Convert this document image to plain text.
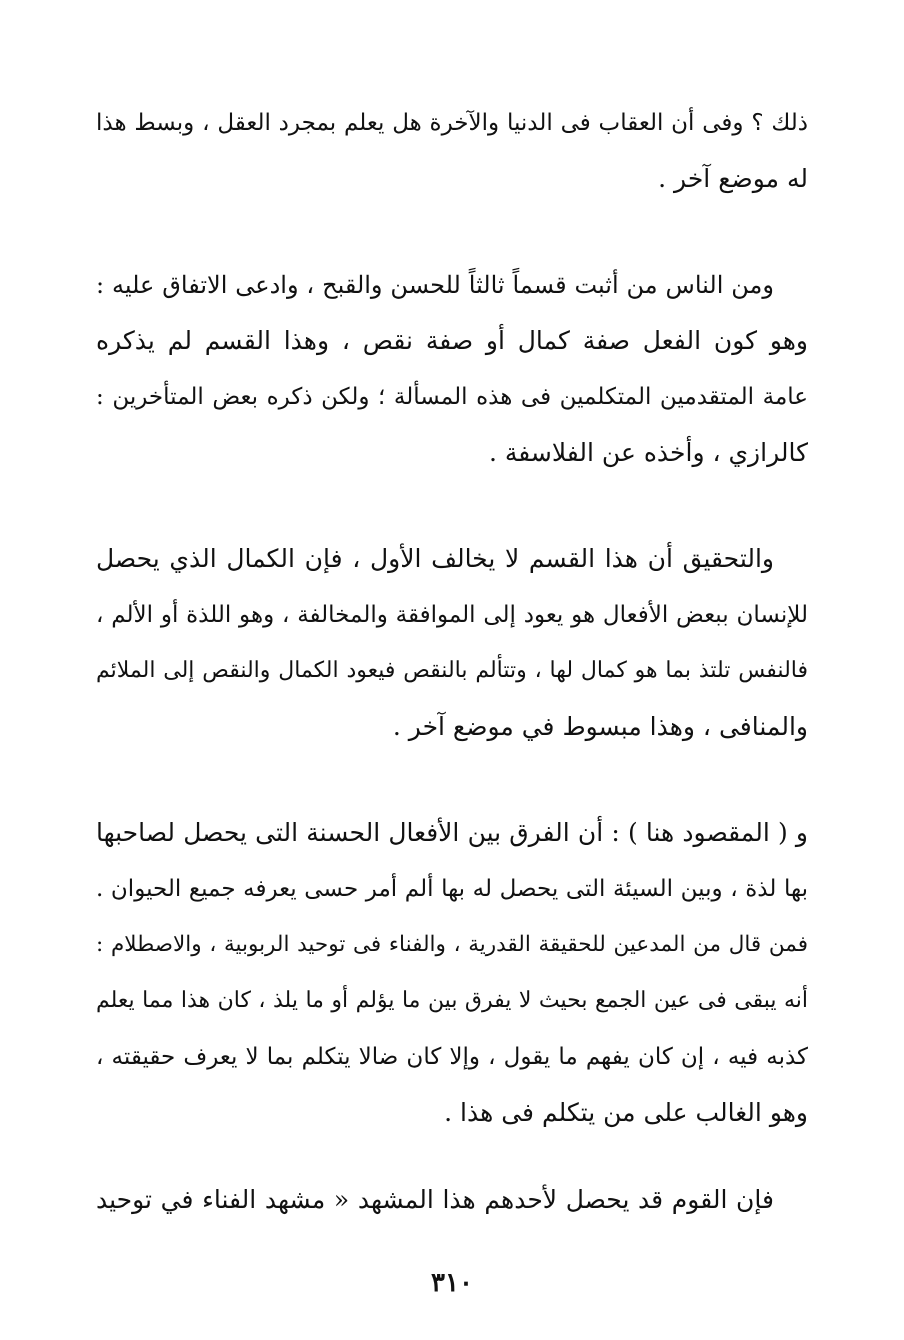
ذلك ؟ وفى أن العقاب فى الدنيا والآخرة هل يعلم بمجرد العقل ، وبسط هذا
له موضع آخر .
ومن الناس من أثبت قسماً ثالثاً للحسن والقبح ، وادعى الاتفاق عليه :
وهو كون الفعل صفة كمال أو صفة نقص ، وهذا القسم لم يذكره
عامة المتقدمين المتكلمين فى هذه المسألة ؛ ولكن ذكره بعض المتأخرين :
كالرازي ، وأخذه عن الفلاسفة .
والتحقيق أن هذا القسم لا يخالف الأول ، فإن الكمال الذي يحصل
للإنسان ببعض الأفعال هو يعود إلى الموافقة والمخالفة ، وهو اللذة أو الألم ،
فالنفس تلتذ بما هو كمال لها ، وتتألم بالنقص فيعود الكمال والنقص إلى الملائم
والمنافى ، وهذا مبسوط في موضع آخر .
و ( المقصود هنا ) : أن الفرق بين الأفعال الحسنة التى يحصل لصاحبها
بها لذة ، وبين السيئة التى يحصل له بها ألم أمر حسى يعرفه جميع الحيوان .
فمن قال من المدعين للحقيقة القدرية ، والفناء فى توحيد الربوبية ، والاصطلام :
أنه يبقى فى عين الجمع بحيث لا يفرق بين ما يؤلم أو ما يلذ ، كان هذا مما يعلم
كذبه فيه ، إن كان يفهم ما يقول ، وإلا كان ضالا يتكلم بما لا يعرف حقيقته ،
وهو الغالب على من يتكلم فى هذا .
فإن القوم قد يحصل لأحدهم هذا المشهد « مشهد الفناء في توحيد
٣١٠
